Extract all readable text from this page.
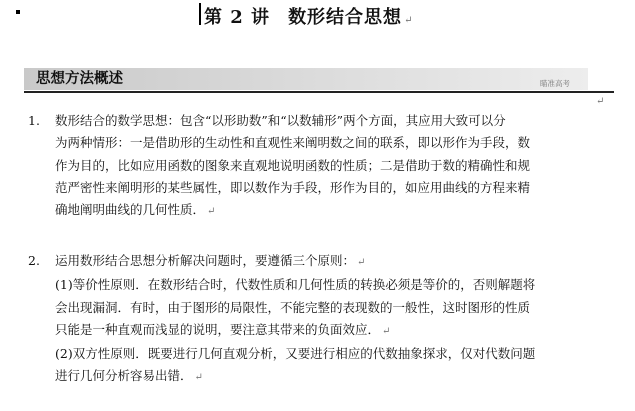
第 2 讲 数形结合思想 ↵
思想方法概述	瞄准高考
↵
1. 数形结合的数学思想：包含“以形助数”和“以数辅形”两个方面，其应用大致可以分
为两种情形：一是借助形的生动性和直观性来阐明数之间的联系，即以形作为手段，数
作为目的，比如应用函数的图象来直观地说明函数的性质；二是借助于数的精确性和规
范严密性来阐明形的某些属性，即以数作为手段，形作为目的，如应用曲线的方程来精
确地阐明曲线的几何性质． ↵
2. 运用数形结合思想分析解决问题时，要遵循三个原则： ↵
(1)等价性原则．在数形结合时，代数性质和几何性质的转换必须是等价的，否则解题将
会出现漏洞．有时，由于图形的局限性，不能完整的表现数的一般性，这时图形的性质
只能是一种直观而浅显的说明，要注意其带来的负面效应． ↵
(2)双方性原则．既要进行几何直观分析，又要进行相应的代数抽象探求，仅对代数问题
进行几何分析容易出错． ↵
